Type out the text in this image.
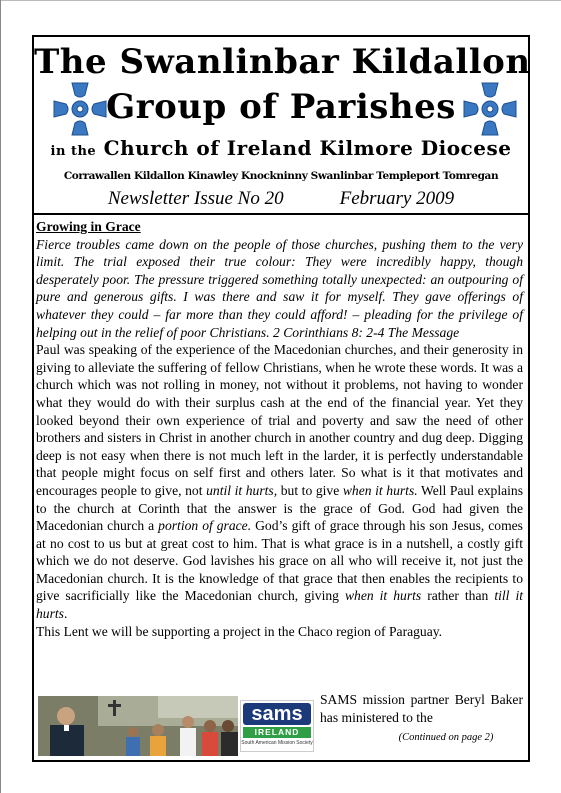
The Swanlinbar Kildallon
Group of Parishes
in the Church of Ireland Kilmore Diocese
Corrawallen Kildallon Kinawley Knockninny Swanlinbar Templeport Tomregan
Newsletter Issue No 20	February 2009

Growing in Grace

Fierce troubles came down on the people of those churches, pushing them to the very limit. The trial exposed their true colour: They were incredibly happy, though desperately poor. The pressure triggered something totally unexpected: an outpouring of pure and generous gifts. I was there and saw it for myself. They gave offerings of whatever they could – far more than they could afford! – pleading for the privilege of helping out in the relief of poor Christians. 2 Corinthians 8: 2-4 The Message

Paul was speaking of the experience of the Macedonian churches, and their generosity in giving to alleviate the suffering of fellow Christians, when he wrote these words. It was a church which was not rolling in money, not without it problems, not having to wonder what they would do with their surplus cash at the end of the financial year. Yet they looked beyond their own experience of trial and poverty and saw the need of other brothers and sisters in Christ in another church in another country and dug deep. Digging deep is not easy when there is not much left in the larder, it is perfectly understandable that people might focus on self first and others later. So what is it that motivates and encourages people to give, not until it hurts, but to give when it hurts. Well Paul explains to the church at Corinth that the answer is the grace of God. God had given the Macedonian church a portion of grace. God’s gift of grace through his son Jesus, comes at no cost to us but at great cost to him. That is what grace is in a nutshell, a costly gift which we do not deserve. God lavishes his grace on all who will receive it, not just the Macedonian church. It is the knowledge of that grace that then enables the recipients to give sacrificially like the Macedonian church, giving when it hurts rather than till it hurts.

This Lent we will be supporting a project in the Chaco region of Paraguay.

sams
IRELAND
South American Mission Society

SAMS mission partner Beryl Baker has ministered to the

(Continued on page 2)
